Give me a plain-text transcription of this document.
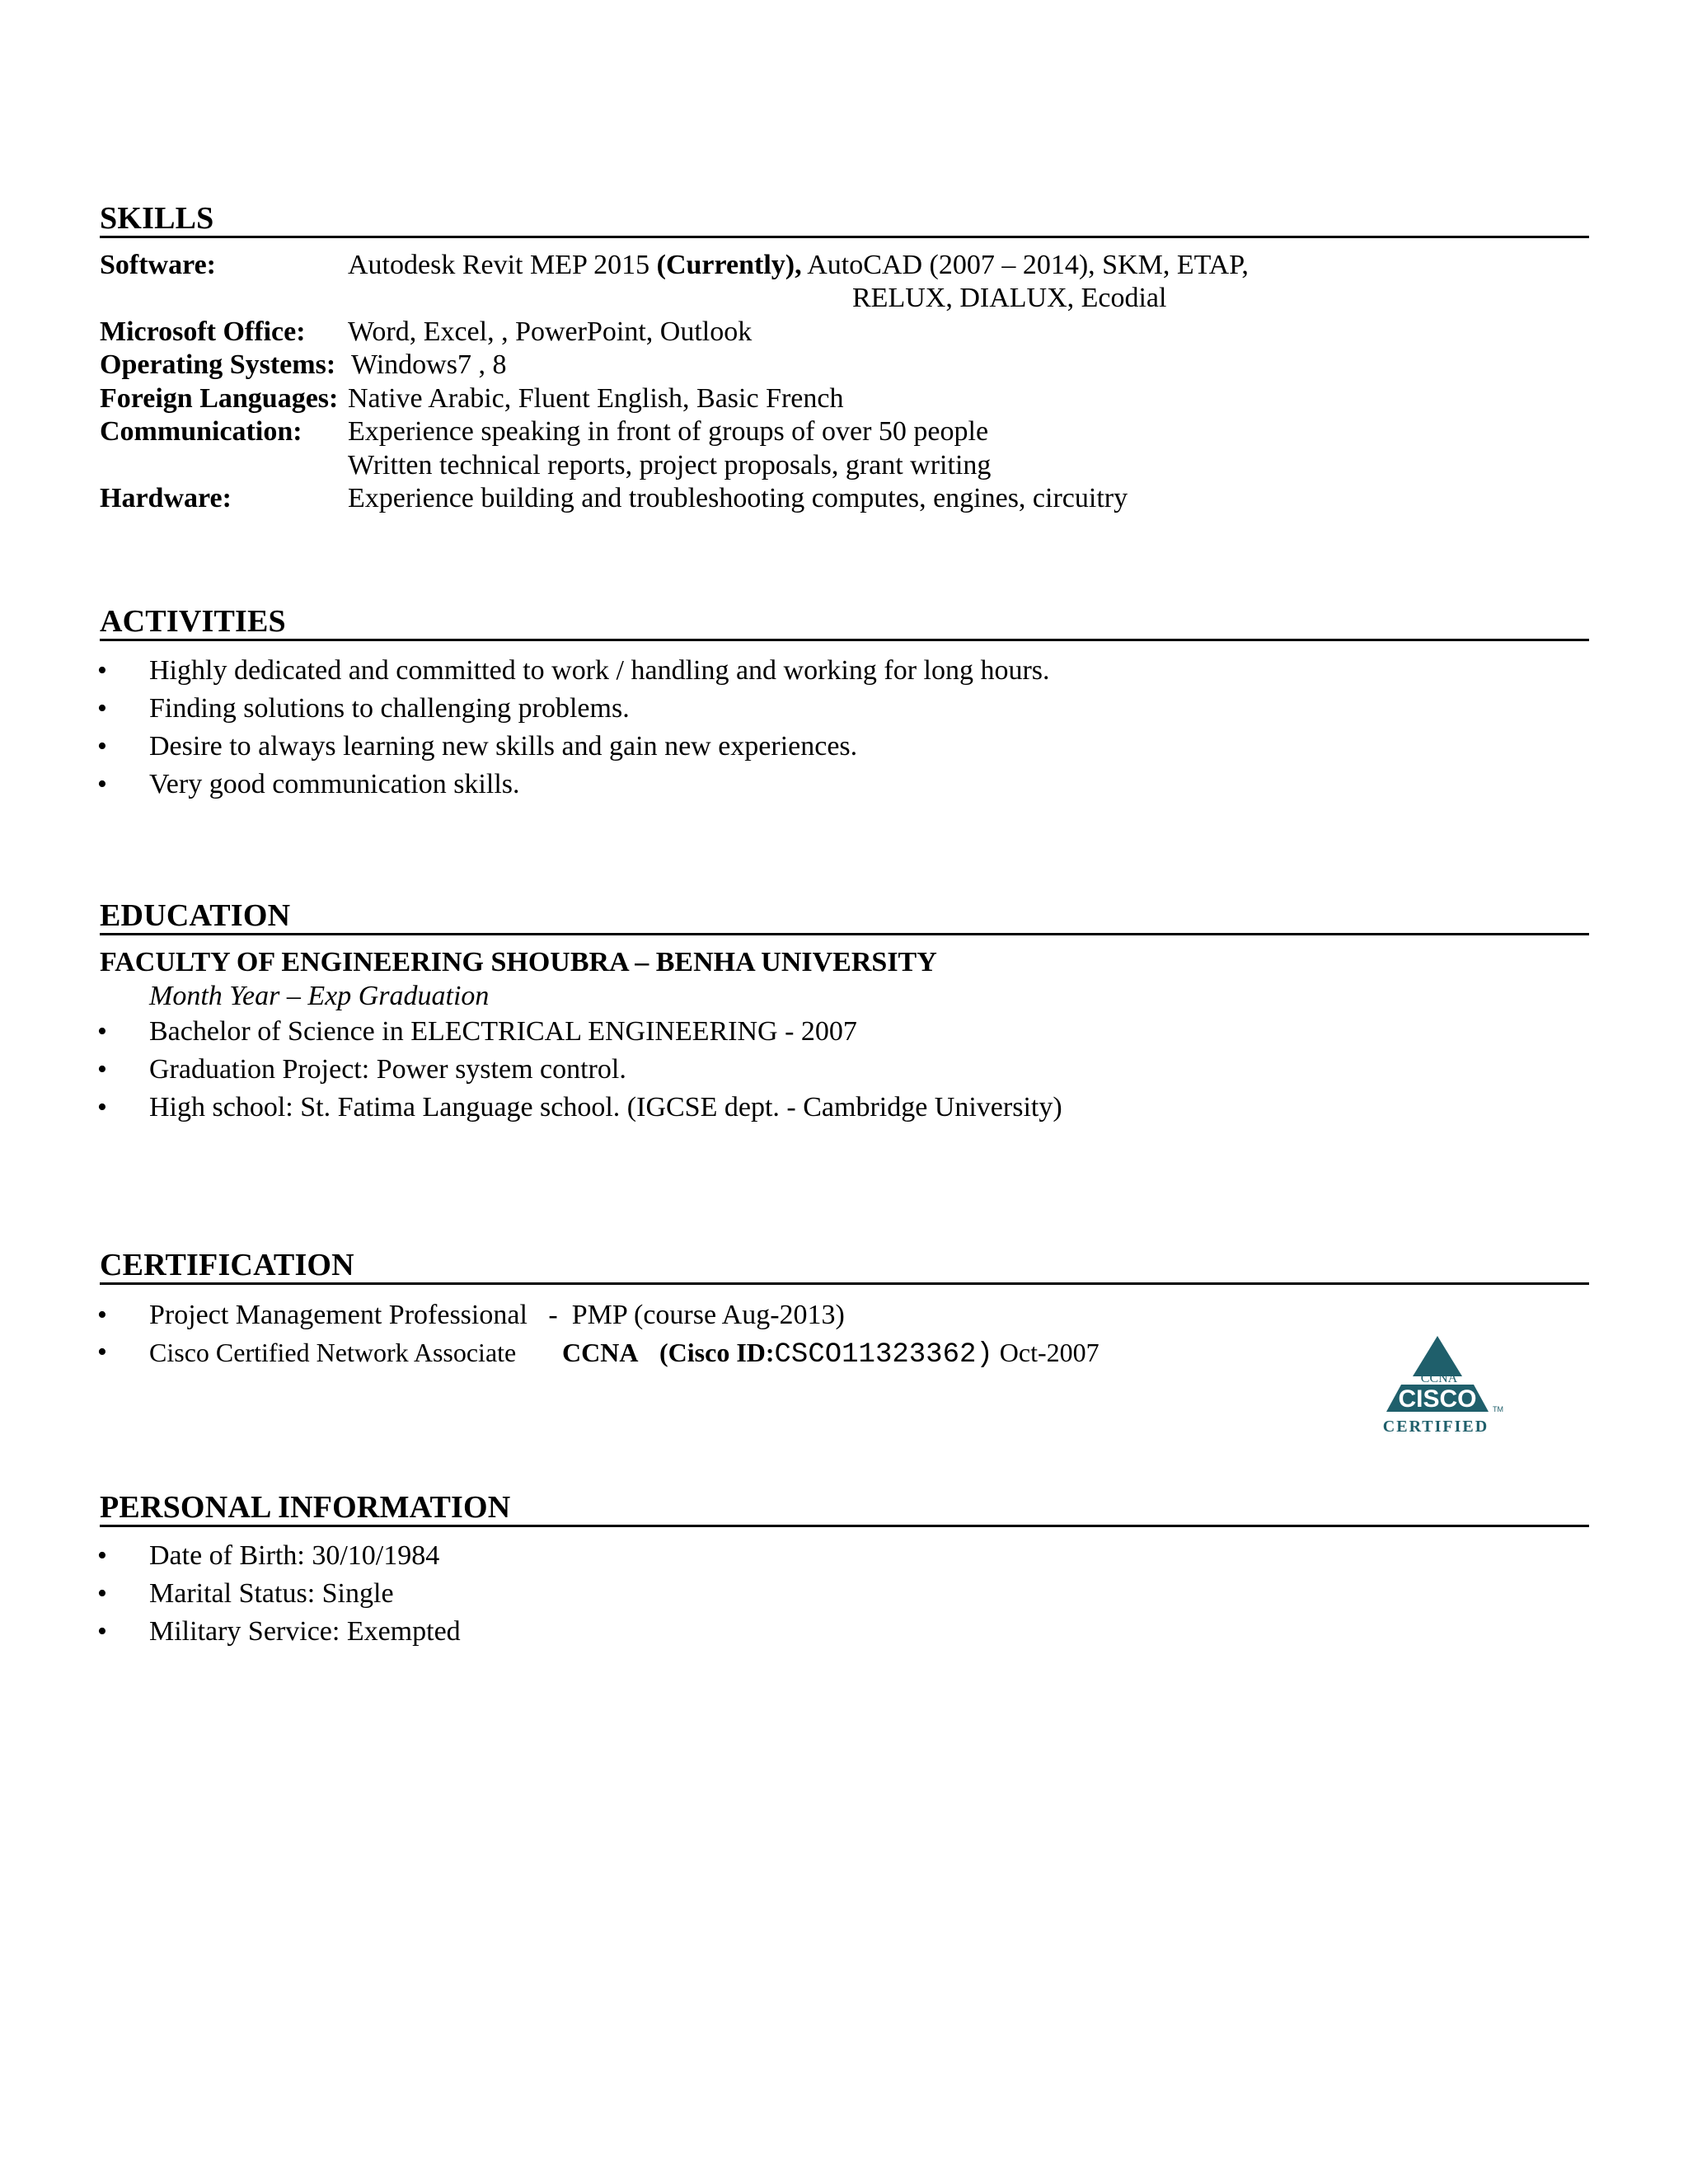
SKILLS
Software:	Autodesk Revit MEP 2015 (Currently), AutoCAD (2007 – 2014), SKM, ETAP,
RELUX, DIALUX, Ecodial
Microsoft Office: Word, Excel, , PowerPoint, Outlook
Operating Systems: Windows7 , 8
Foreign Languages: Native Arabic, Fluent English, Basic French
Communication: Experience speaking in front of groups of over 50 people
Written technical reports, project proposals, grant writing
Hardware:	Experience building and troubleshooting computes, engines, circuitry
ACTIVITIES
• Highly dedicated and committed to work / handling and working for long hours.
• Finding solutions to challenging problems.
• Desire to always learning new skills and gain new experiences.
• Very good communication skills.
EDUCATION
FACULTY OF ENGINEERING SHOUBRA – BENHA UNIVERSITY
Month Year – Exp Graduation
• Bachelor of Science in ELECTRICAL ENGINEERING - 2007
• Graduation Project: Power system control.
• High school: St. Fatima Language school. (IGCSE dept. - Cambridge University)
CERTIFICATION
• Project Management Professional   -  PMP (course Aug-2013)
• Cisco Certified Network Associate CCNA (Cisco ID:CSCO11323362) Oct-2007
CCNA
CISCO TM
CERTIFIED
PERSONAL INFORMATION
• Date of Birth: 30/10/1984
• Marital Status: Single
• Military Service: Exempted
